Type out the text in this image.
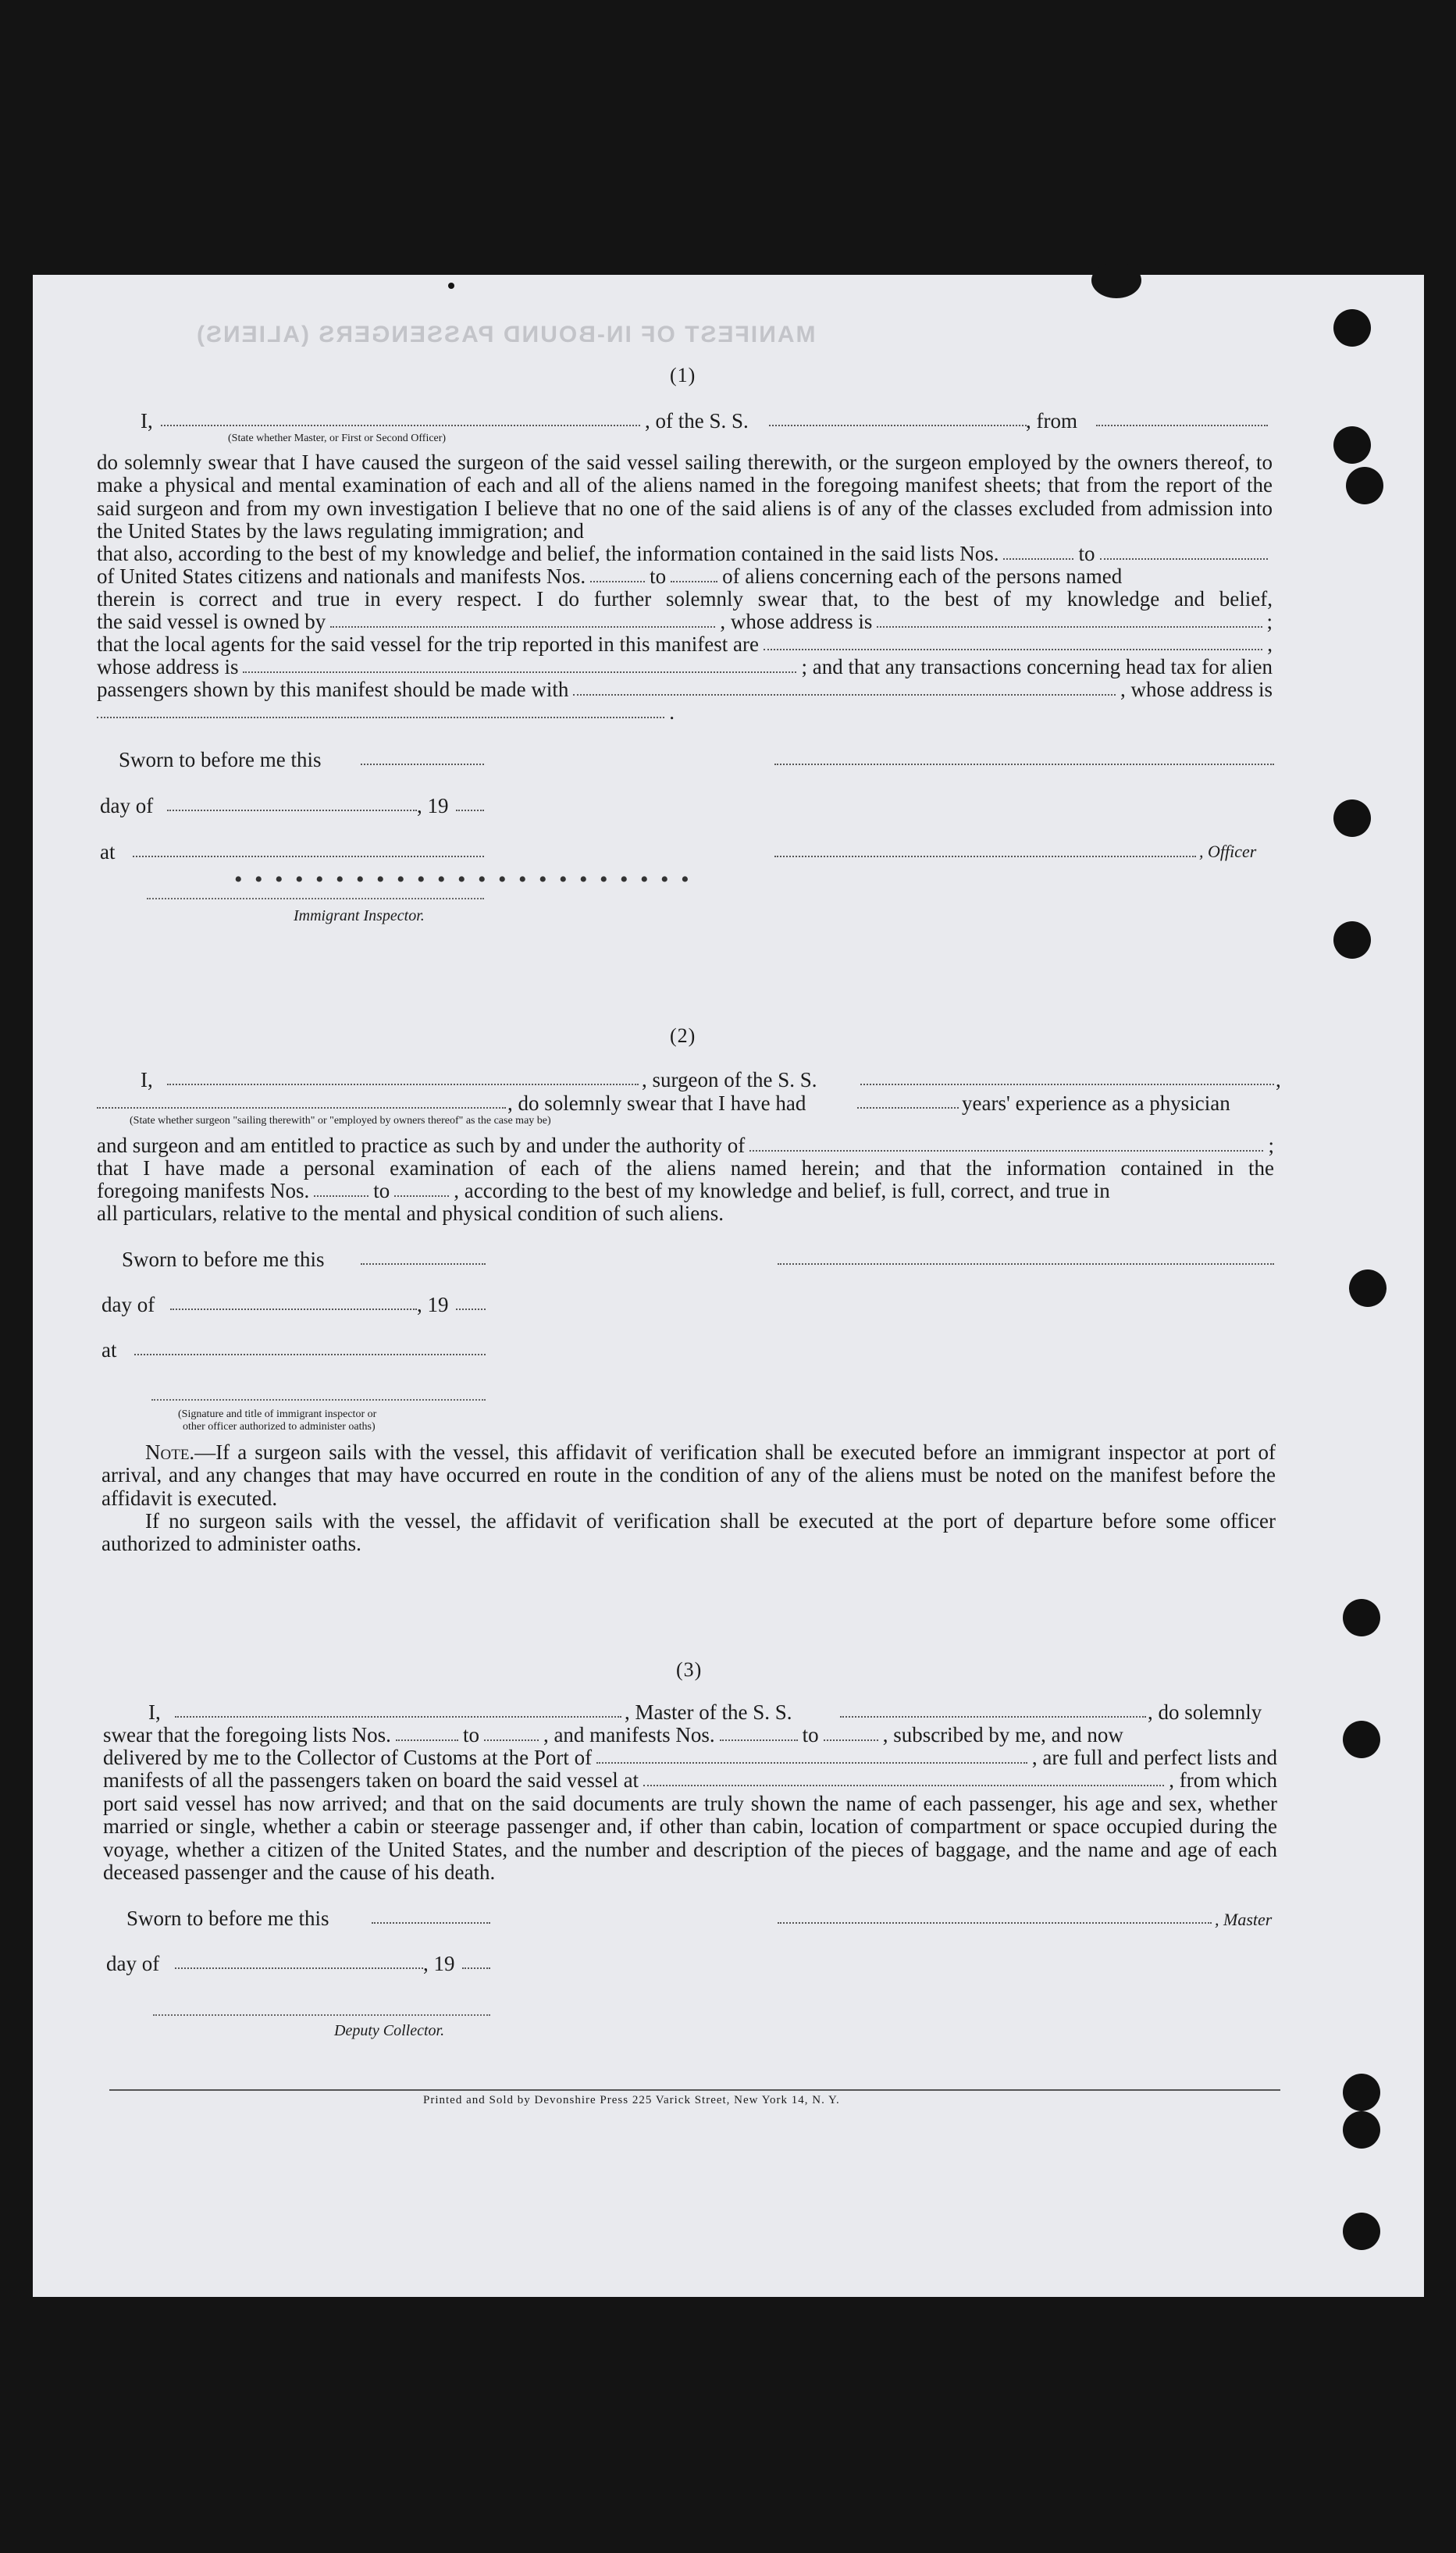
MANIFEST OF IN-BOUND PASSENGERS (ALIENS)
(1)
I,	, of the S. S.	, from
(State whether Master, or First or Second Officer)
do solemnly swear that I have caused the surgeon of the said vessel sailing therewith, or the surgeon employed by the owners thereof, to make a physical and mental examination of each and all of the aliens named in the foregoing manifest sheets; that from the report of the said surgeon and from my own investigation I believe that no one of the said aliens is of any of the classes excluded from admission into the United States by the laws regulating immigration; and
that also, according to the best of my knowledge and belief, the information contained in the said lists Nos.	to
of United States citizens and nationals and manifests Nos.	to	of aliens concerning each of the persons named
therein is correct and true in every respect. I do further solemnly swear that, to the best of my knowledge and belief,
the said vessel is owned by	, whose address is	;
that the local agents for the said vessel for the trip reported in this manifest are	,
whose address is	; and that any transactions concerning head tax for alien
passengers shown by this manifest should be made with	, whose address is
.
Sworn to before me this
day of	, 19
at	, Officer
• • • • • • • • • • • • • • • • • • • • • • •
Immigrant Inspector.
(2)
I,	, surgeon of the S. S.	,
, do solemnly swear that I have had	years' experience as a physician
(State whether surgeon "sailing therewith" or "employed by owners thereof" as the case may be)
and surgeon and am entitled to practice as such by and under the authority of	;
that I have made a personal examination of each of the aliens named herein; and that the information contained in the
foregoing manifests Nos.	to	, according to the best of my knowledge and belief, is full, correct, and true in
all particulars, relative to the mental and physical condition of such aliens.
Sworn to before me this
day of	, 19
at
(Signature and title of immigrant inspector or
other officer authorized to administer oaths)
Note.—If a surgeon sails with the vessel, this affidavit of verification shall be executed before an immigrant inspector at port of arrival, and any changes that may have occurred en route in the condition of any of the aliens must be noted on the manifest before the affidavit is executed.
If no surgeon sails with the vessel, the affidavit of verification shall be executed at the port of departure before some officer authorized to administer oaths.
(3)
I,	, Master of the S. S.	, do solemnly
swear that the foregoing lists Nos.	to	, and manifests Nos.	to	, subscribed by me, and now
delivered by me to the Collector of Customs at the Port of	, are full and perfect lists and
manifests of all the passengers taken on board the said vessel at	, from which
port said vessel has now arrived; and that on the said documents are truly shown the name of each passenger, his age and sex, whether married or single, whether a cabin or steerage passenger and, if other than cabin, location of compartment or space occupied during the voyage, whether a citizen of the United States, and the number and description of the pieces of baggage, and the name and age of each deceased passenger and the cause of his death.
Sworn to before me this	, Master
day of	, 19
Deputy Collector.
Printed and Sold by Devonshire Press 225 Varick Street, New York 14, N. Y.
